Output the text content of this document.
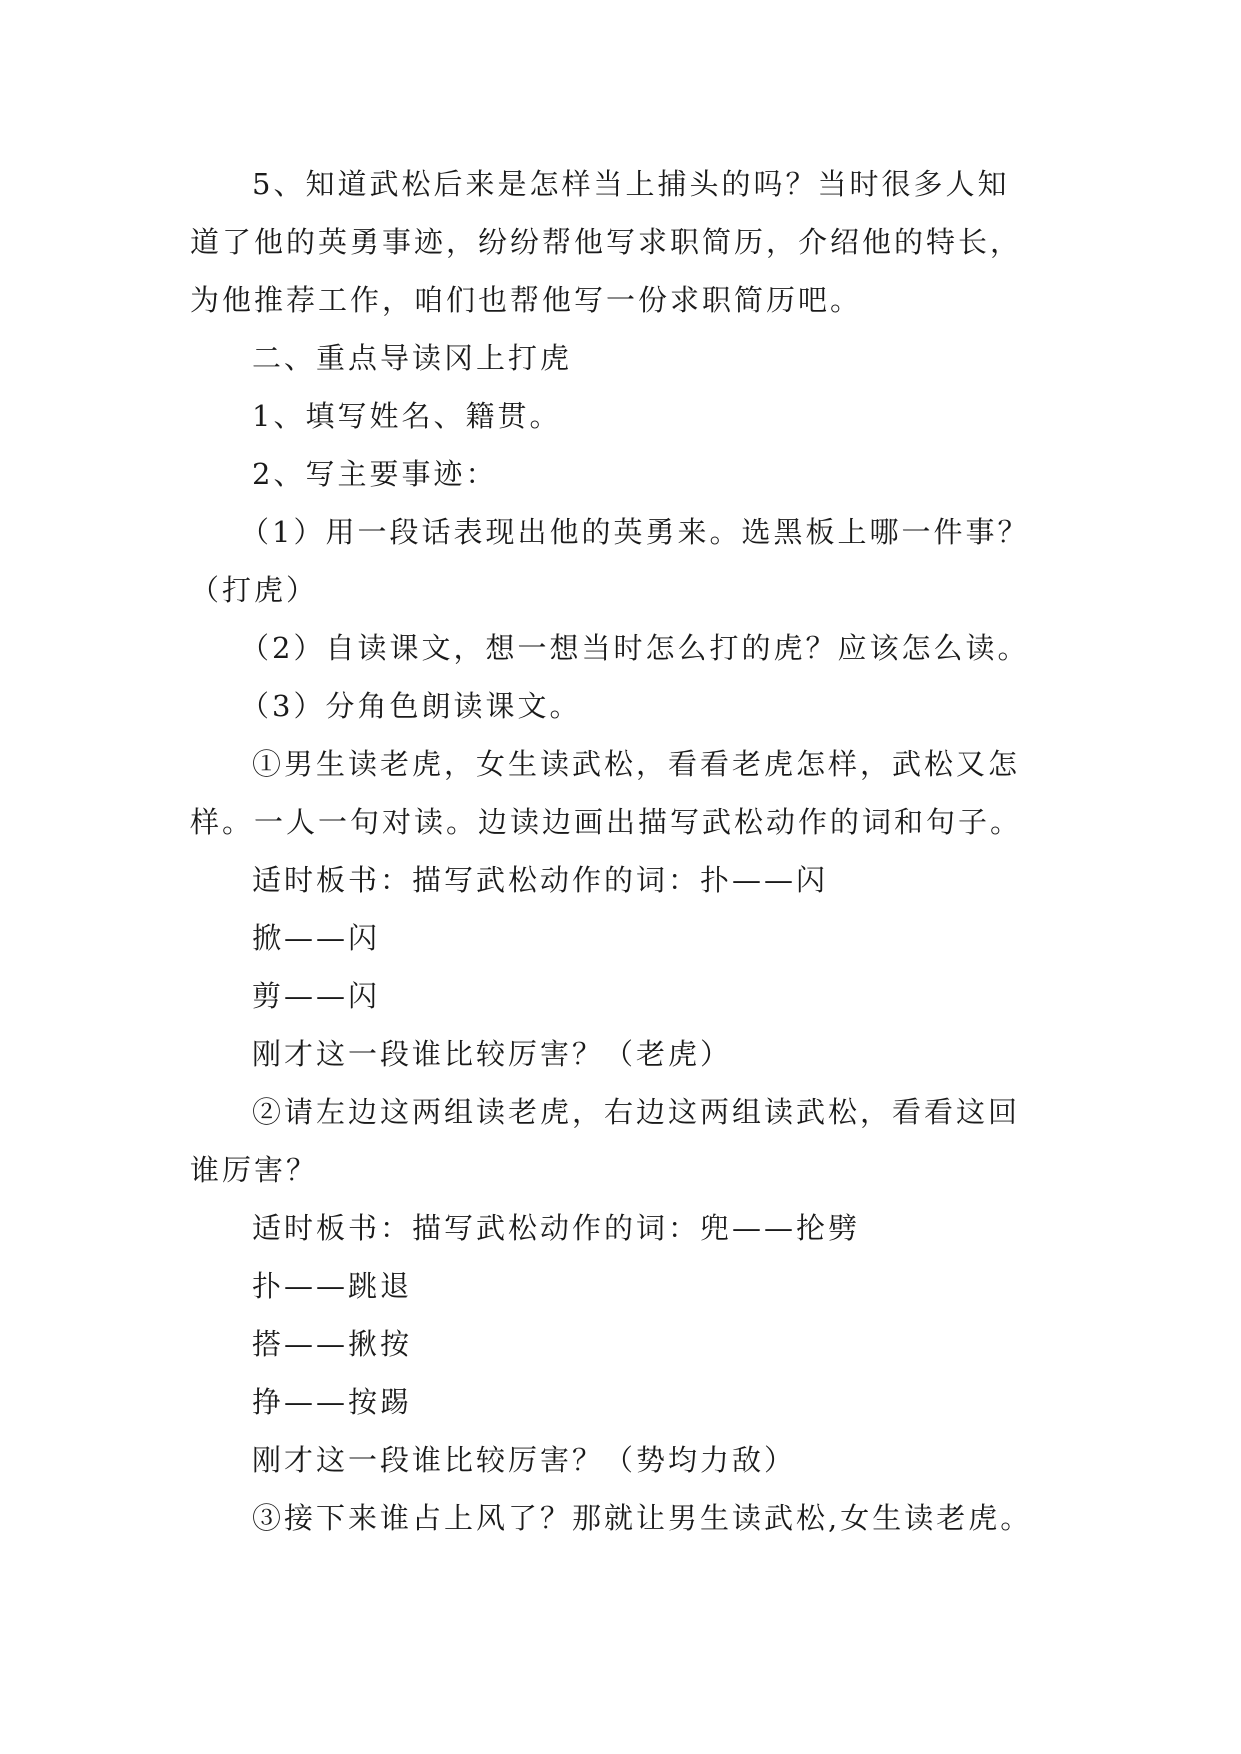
5、知道武松后来是怎样当上捕头的吗？当时很多人知
道了他的英勇事迹，纷纷帮他写求职简历，介绍他的特长，
为他推荐工作，咱们也帮他写一份求职简历吧。
二、重点导读冈上打虎
1、填写姓名、籍贯。
2、写主要事迹：
（1）用一段话表现出他的英勇来。选黑板上哪一件事？
（打虎）
（2）自读课文，想一想当时怎么打的虎？应该怎么读。
（3）分角色朗读课文。
①男生读老虎，女生读武松，看看老虎怎样，武松又怎
样。一人一句对读。边读边画出描写武松动作的词和句子。
适时板书：描写武松动作的词：扑——闪
掀——闪
剪——闪
刚才这一段谁比较厉害？（老虎）
②请左边这两组读老虎，右边这两组读武松，看看这回
谁厉害？
适时板书：描写武松动作的词：兜——抡劈
扑——跳退
搭——揪按
挣——按踢
刚才这一段谁比较厉害？（势均力敌）
③接下来谁占上风了？那就让男生读武松,女生读老虎。
